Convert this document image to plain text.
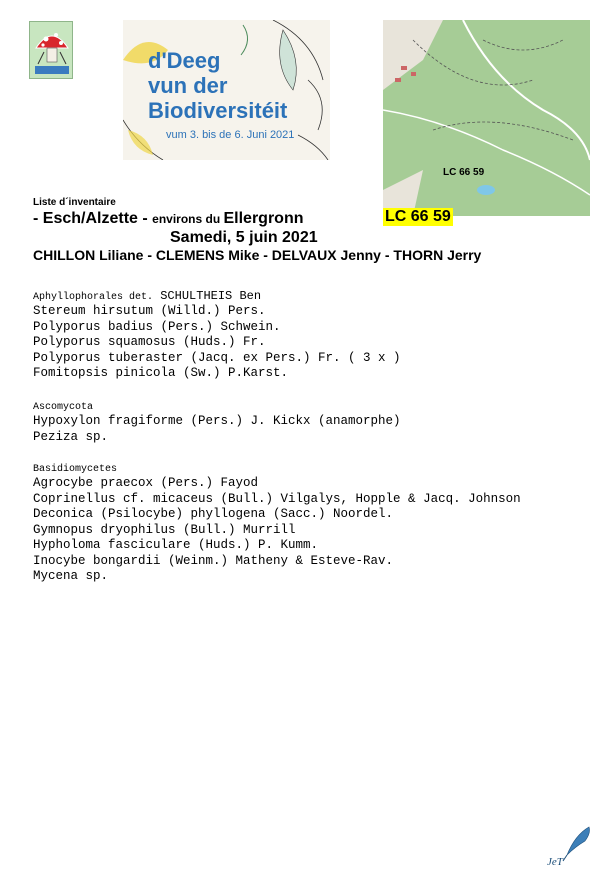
d'Deeg
vun der
Biodiversitéit
vum 3. bis de 6. Juni 2021
LC 66 59
Liste d´inventaire
- Esch/Alzette - environs du Ellergronn	LC 66 59
Samedi, 5 juin 2021
CHILLON Liliane - CLEMENS Mike - DELVAUX Jenny - THORN Jerry
Aphyllophorales det. SCHULTHEIS Ben
Stereum hirsutum (Willd.) Pers.
Polyporus badius (Pers.) Schwein.
Polyporus squamosus (Huds.) Fr.
Polyporus tuberaster (Jacq. ex Pers.) Fr. ( 3 x )
Fomitopsis pinicola (Sw.) P.Karst.
Ascomycota
Hypoxylon fragiforme (Pers.) J. Kickx (anamorphe)
Peziza sp.
Basidiomycetes
Agrocybe praecox (Pers.) Fayod
Coprinellus cf. micaceus (Bull.) Vilgalys, Hopple & Jacq. Johnson
Deconica (Psilocybe) phyllogena (Sacc.) Noordel.
Gymnopus dryophilus (Bull.) Murrill
Hypholoma fasciculare (Huds.) P. Kumm.
Inocybe bongardii (Weinm.) Matheny & Esteve-Rav.
Mycena sp.
JeT
